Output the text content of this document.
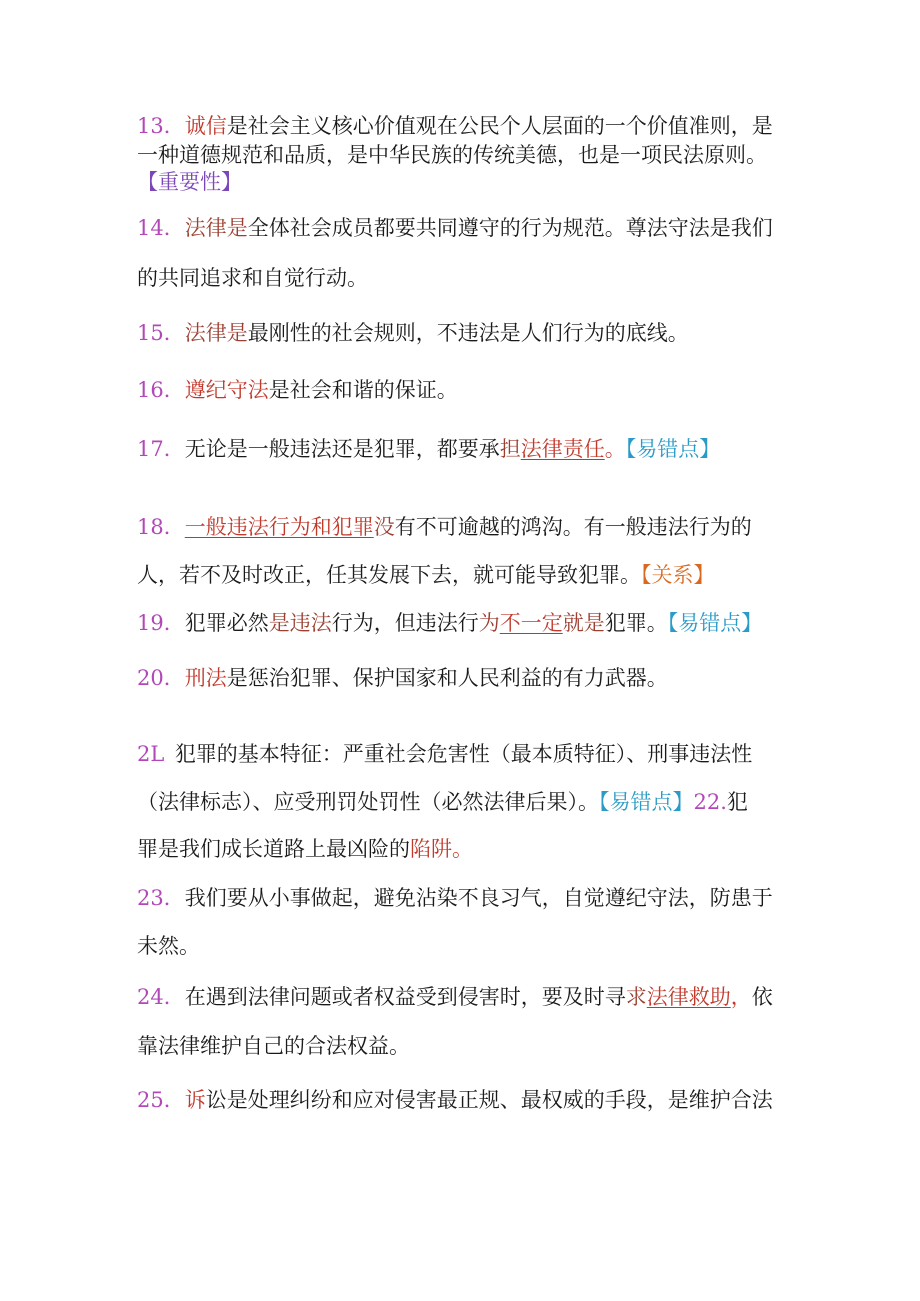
13．诚信是社会主义核心价值观在公民个人层面的一个价值准则，是
一种道德规范和品质，是中华民族的传统美德，也是一项民法原则。
【重要性】
14．法律是全体社会成员都要共同遵守的行为规范。尊法守法是我们
的共同追求和自觉行动。
15．法律是最刚性的社会规则，不违法是人们行为的底线。
16．遵纪守法是社会和谐的保证。
17．无论是一般违法还是犯罪，都要承担法律责任。【易错点】
18．一般违法行为和犯罪没有不可逾越的鸿沟。有一般违法行为的
人，若不及时改正，任其发展下去，就可能导致犯罪。【关系】
19．犯罪必然是违法行为，但违法行为不一定就是犯罪。【易错点】
20．刑法是惩治犯罪、保护国家和人民利益的有力武器。
2L  犯罪的基本特征：严重社会危害性（最本质特征）、刑事违法性
（法律标志）、应受刑罚处罚性（必然法律后果）。【易错点】22.犯
罪是我们成长道路上最凶险的陷阱。
23．我们要从小事做起，避免沾染不良习气，自觉遵纪守法，防患于
未然。
24．在遇到法律问题或者权益受到侵害时，要及时寻求法律救助，依
靠法律维护自己的合法权益。
25．诉讼是处理纠纷和应对侵害最正规、最权威的手段，是维护合法
